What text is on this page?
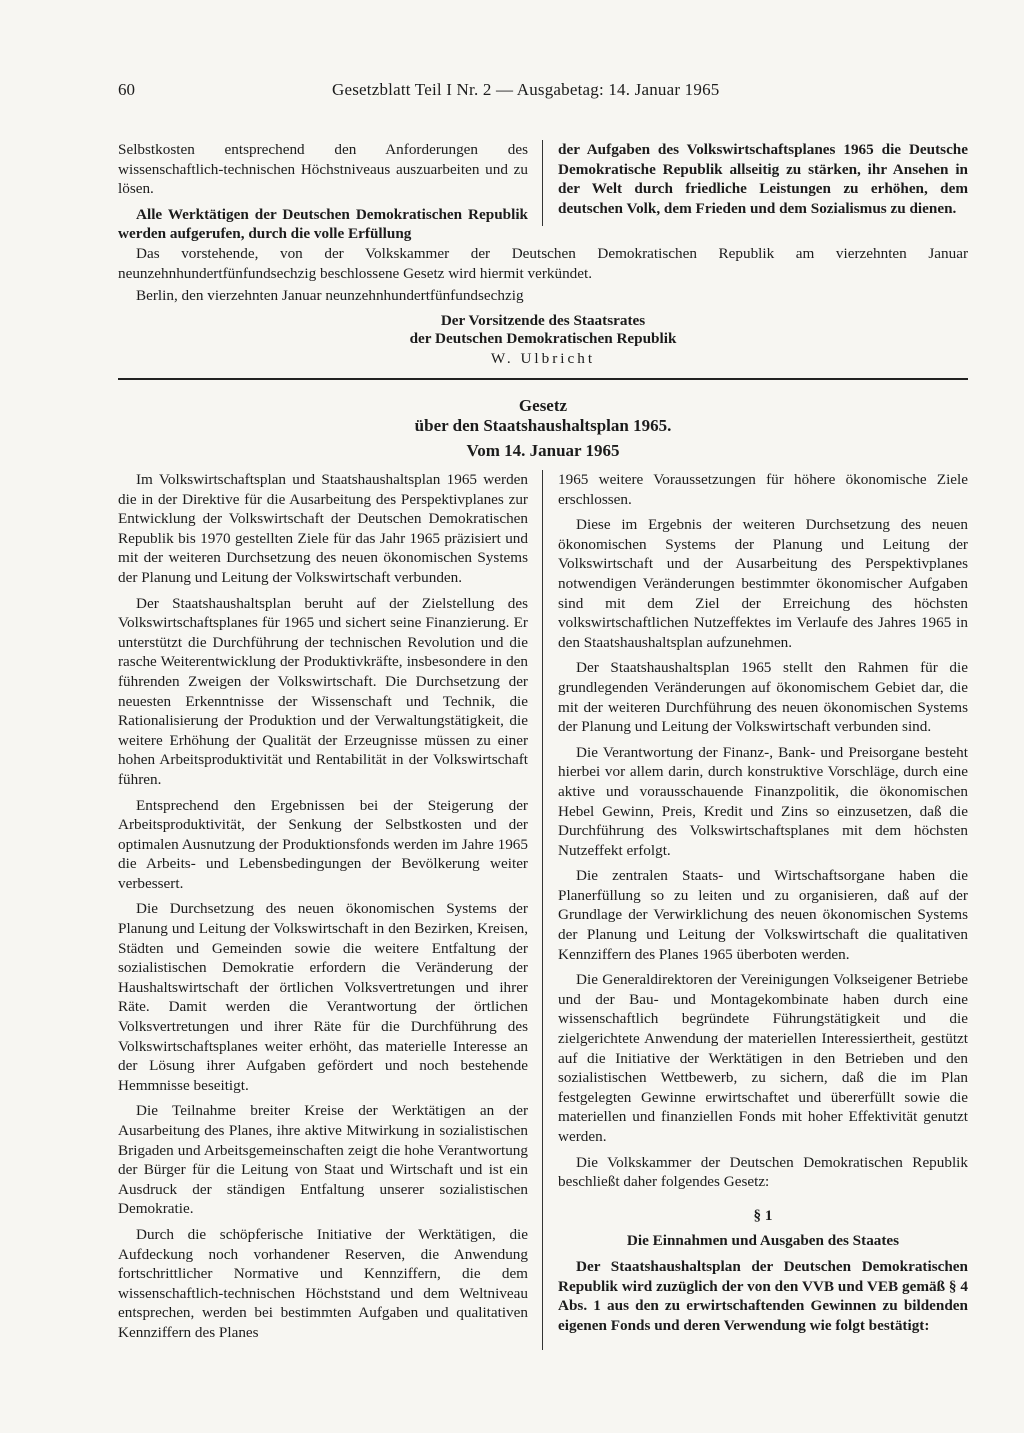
60	Gesetzblatt Teil I Nr. 2 — Ausgabetag: 14. Januar 1965

Selbstkosten entsprechend den Anforderungen des wissenschaftlich-technischen Höchstniveaus auszuarbeiten und zu lösen.

Alle Werktätigen der Deutschen Demokratischen Republik werden aufgerufen, durch die volle Erfüllung

der Aufgaben des Volkswirtschaftsplanes 1965 die Deutsche Demokratische Republik allseitig zu stärken, ihr Ansehen in der Welt durch friedliche Leistungen zu erhöhen, dem deutschen Volk, dem Frieden und dem Sozialismus zu dienen.

Das vorstehende, von der Volkskammer der Deutschen Demokratischen Republik am vierzehnten Januar neunzehnhundertfünfundsechzig beschlossene Gesetz wird hiermit verkündet.
Berlin, den vierzehnten Januar neunzehnhundertfünfundsechzig
Der Vorsitzende des Staatsrates
der Deutschen Demokratischen Republik
W. Ulbricht
Gesetz
über den Staatshaushaltsplan 1965.
Vom 14. Januar 1965

Im Volkswirtschaftsplan und Staatshaushaltsplan 1965 werden die in der Direktive für die Ausarbeitung des Perspektivplanes zur Entwicklung der Volkswirtschaft der Deutschen Demokratischen Republik bis 1970 gestellten Ziele für das Jahr 1965 präzisiert und mit der weiteren Durchsetzung des neuen ökonomischen Systems der Planung und Leitung der Volkswirtschaft verbunden.

Der Staatshaushaltsplan beruht auf der Zielstellung des Volkswirtschaftsplanes für 1965 und sichert seine Finanzierung. Er unterstützt die Durchführung der technischen Revolution und die rasche Weiterentwicklung der Produktivkräfte, insbesondere in den führenden Zweigen der Volkswirtschaft. Die Durchsetzung der neuesten Erkenntnisse der Wissenschaft und Technik, die Rationalisierung der Produktion und der Verwaltungstätigkeit, die weitere Erhöhung der Qualität der Erzeugnisse müssen zu einer hohen Arbeitsproduktivität und Rentabilität in der Volkswirtschaft führen.

Entsprechend den Ergebnissen bei der Steigerung der Arbeitsproduktivität, der Senkung der Selbstkosten und der optimalen Ausnutzung der Produktionsfonds werden im Jahre 1965 die Arbeits- und Lebensbedingungen der Bevölkerung weiter verbessert.

Die Durchsetzung des neuen ökonomischen Systems der Planung und Leitung der Volkswirtschaft in den Bezirken, Kreisen, Städten und Gemeinden sowie die weitere Entfaltung der sozialistischen Demokratie erfordern die Veränderung der Haushaltswirtschaft der örtlichen Volksvertretungen und ihrer Räte. Damit werden die Verantwortung der örtlichen Volksvertretungen und ihrer Räte für die Durchführung des Volkswirtschaftsplanes weiter erhöht, das materielle Interesse an der Lösung ihrer Aufgaben gefördert und noch bestehende Hemmnisse beseitigt.

Die Teilnahme breiter Kreise der Werktätigen an der Ausarbeitung des Planes, ihre aktive Mitwirkung in sozialistischen Brigaden und Arbeitsgemeinschaften zeigt die hohe Verantwortung der Bürger für die Leitung von Staat und Wirtschaft und ist ein Ausdruck der ständigen Entfaltung unserer sozialistischen Demokratie.

Durch die schöpferische Initiative der Werktätigen, die Aufdeckung noch vorhandener Reserven, die Anwendung fortschrittlicher Normative und Kennziffern, die dem wissenschaftlich-technischen Höchststand und dem Weltniveau entsprechen, werden bei bestimmten Aufgaben und qualitativen Kennziffern des Planes

1965 weitere Voraussetzungen für höhere ökonomische Ziele erschlossen.

Diese im Ergebnis der weiteren Durchsetzung des neuen ökonomischen Systems der Planung und Leitung der Volkswirtschaft und der Ausarbeitung des Perspektivplanes notwendigen Veränderungen bestimmter ökonomischer Aufgaben sind mit dem Ziel der Erreichung des höchsten volkswirtschaftlichen Nutzeffektes im Verlaufe des Jahres 1965 in den Staatshaushaltsplan aufzunehmen.

Der Staatshaushaltsplan 1965 stellt den Rahmen für die grundlegenden Veränderungen auf ökonomischem Gebiet dar, die mit der weiteren Durchführung des neuen ökonomischen Systems der Planung und Leitung der Volkswirtschaft verbunden sind.

Die Verantwortung der Finanz-, Bank- und Preisorgane besteht hierbei vor allem darin, durch konstruktive Vorschläge, durch eine aktive und vorausschauende Finanzpolitik, die ökonomischen Hebel Gewinn, Preis, Kredit und Zins so einzusetzen, daß die Durchführung des Volkswirtschaftsplanes mit dem höchsten Nutzeffekt erfolgt.

Die zentralen Staats- und Wirtschaftsorgane haben die Planerfüllung so zu leiten und zu organisieren, daß auf der Grundlage der Verwirklichung des neuen ökonomischen Systems der Planung und Leitung der Volkswirtschaft die qualitativen Kennziffern des Planes 1965 überboten werden.

Die Generaldirektoren der Vereinigungen Volkseigener Betriebe und der Bau- und Montagekombinate haben durch eine wissenschaftlich begründete Führungstätigkeit und die zielgerichtete Anwendung der materiellen Interessiertheit, gestützt auf die Initiative der Werktätigen in den Betrieben und den sozialistischen Wettbewerb, zu sichern, daß die im Plan festgelegten Gewinne erwirtschaftet und übererfüllt sowie die materiellen und finanziellen Fonds mit hoher Effektivität genutzt werden.

Die Volkskammer der Deutschen Demokratischen Republik beschließt daher folgendes Gesetz:

§ 1
Die Einnahmen und Ausgaben des Staates

Der Staatshaushaltsplan der Deutschen Demokratischen Republik wird zuzüglich der von den VVB und VEB gemäß § 4 Abs. 1 aus den zu erwirtschaftenden Gewinnen zu bildenden eigenen Fonds und deren Verwendung wie folgt bestätigt:
